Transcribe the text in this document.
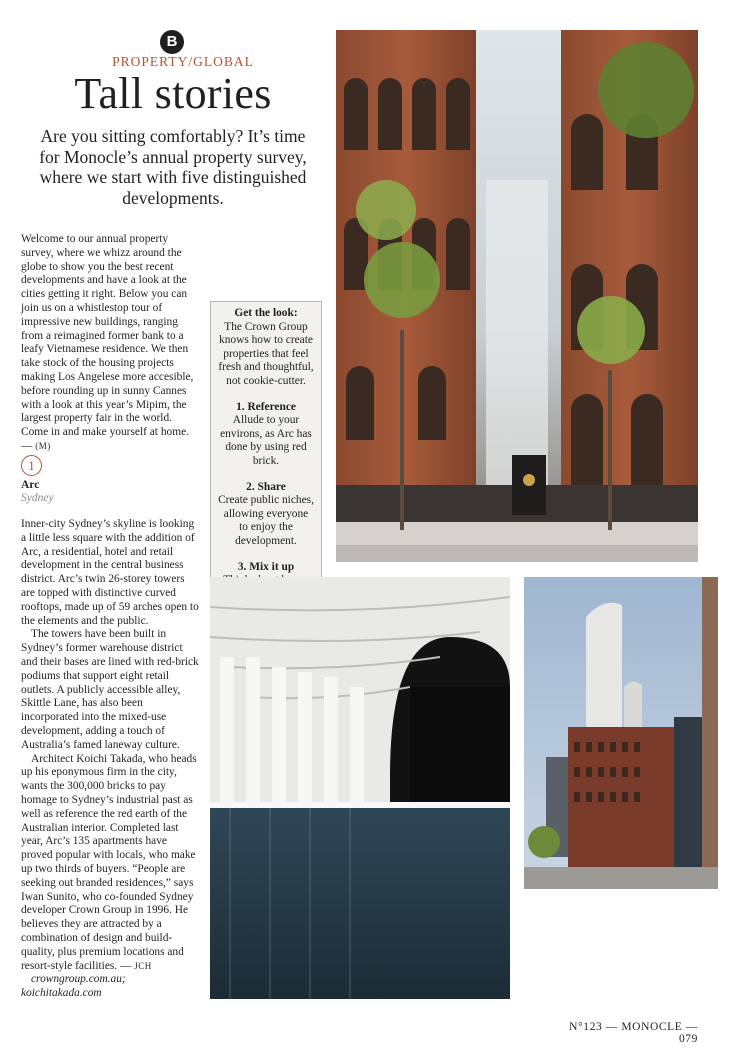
B
PROPERTY/GLOBAL
Tall stories
Are you sitting comfortably? It’s time for Monocle’s annual property survey, where we start with five distinguished developments.
Welcome to our annual property survey, where we whizz around the globe to show you the best recent developments and have a look at the cities getting it right. Below you can join us on a whistlestop tour of impressive new buildings, ranging from a reimagined former bank to a leafy Vietnamese residence. We then take stock of the housing projects making Los Angelese more accesible, before rounding up in sunny Cannes with a look at this year’s Mipim, the largest property fair in the world. Come in and make yourself at home. — (M)
1
Arc
Sydney

Inner-city Sydney’s skyline is looking a little less square with the addition of Arc, a residential, hotel and retail development in the central business district. Arc’s twin 26-storey towers are topped with distinctive curved rooftops, made up of 59 arches open to the elements and the public.

The towers have been built in Sydney’s former warehouse district and their bases are lined with red-brick podiums that support eight retail outlets. A publicly accessible alley, Skittle Lane, has also been incorporated into the mixed-use development, adding a touch of Australia’s famed laneway culture.

Architect Koichi Takada, who heads up his eponymous firm in the city, wants the 300,000 bricks to pay homage to Sydney’s industrial past as well as reference the red earth of the Australian interior. Completed last year, Arc’s 135 apartments have proved popular with locals, who make up two thirds of buyers. “People are seeking out branded residences,” says Iwan Sunito, who co-founded Sydney developer Crown Group in 1996. He believes they are attracted by a combination of design and build-quality, plus premium locations and resort-style facilities. — JCH

crowngroup.com.au; koichitakada.com

Get the look:
The Crown Group knows how to create properties that feel fresh and thoughtful, not cookie-cutter.
1. Reference
Allude to your environs, as Arc has done by using red brick.
2. Share
Create public niches, allowing everyone to enjoy the development.
3. Mix it up
N°123 — MONOCLE — 079
